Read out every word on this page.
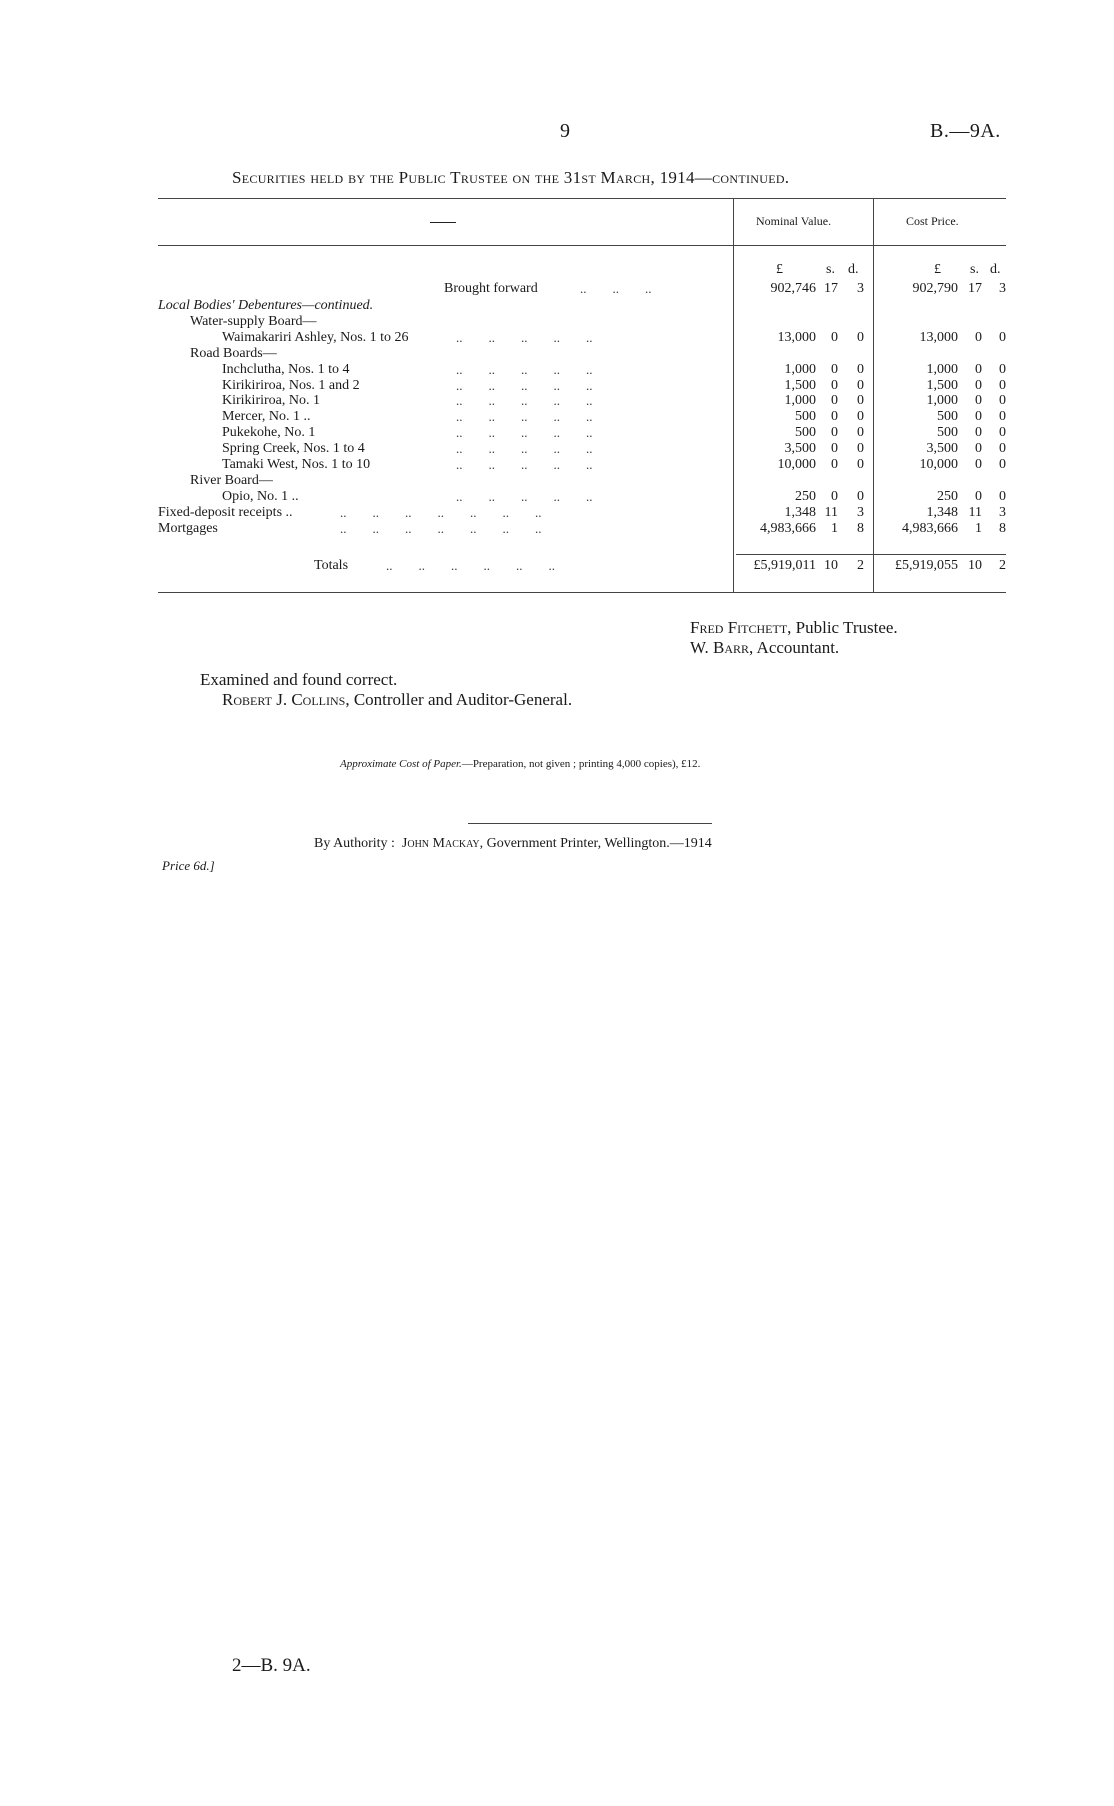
9	B.—9A.
Securities held by the Public Trustee on the 31st March, 1914—continued.
Nominal Value.	Cost Price.
£	s. d.	£ s. d.
Brought forward	..        ..        ..	902,746 17	3	902,790 17	3
Local Bodies' Debentures—continued.
Water-supply Board—
Waimakariri Ashley, Nos. 1 to 26	..        ..        ..        ..        ..	13,000	0	0	13,000	0	0
Road Boards—
Inchclutha, Nos. 1 to 4	..        ..        ..        ..        ..	1,000	0	0	1,000	0	0
Kirikiriroa, Nos. 1 and 2	..        ..        ..        ..        ..	1,500	0	0	1,500	0	0
Kirikiriroa, No. 1	..        ..        ..        ..        ..	1,000	0	0	1,000	0	0
Mercer, No. 1 ..	..        ..        ..        ..        ..	500	0	0	500	0	0
Pukekohe, No. 1	..        ..        ..        ..        ..	500	0	0	500	0	0
Spring Creek, Nos. 1 to 4	..        ..        ..        ..        ..	3,500	0	0	3,500	0	0
Tamaki West, Nos. 1 to 10	..        ..        ..        ..        ..	10,000	0	0	10,000	0	0
River Board—
Opio, No. 1 ..	..        ..        ..        ..        ..	250	0	0	250	0	0
Fixed-deposit receipts ..	..        ..        ..        ..        ..        ..        ..	1,348 11	3	1,348 11	3
Mortgages	..        ..        ..        ..        ..        ..        ..	4,983,666	1	8	4,983,666	1	8
Totals	..        ..        ..        ..        ..        ..	£5,919,011 10	2	£5,919,055 10	2
Fred Fitchett, Public Trustee.
W. Barr, Accountant.
Examined and found correct.
Robert J. Collins, Controller and Auditor-General.
Approximate Cost of Paper.—Preparation, not given ; printing 4,000 copies), £12.
By Authority : John Mackay, Government Printer, Wellington.—1914
Price 6d.]
2—B. 9A.
